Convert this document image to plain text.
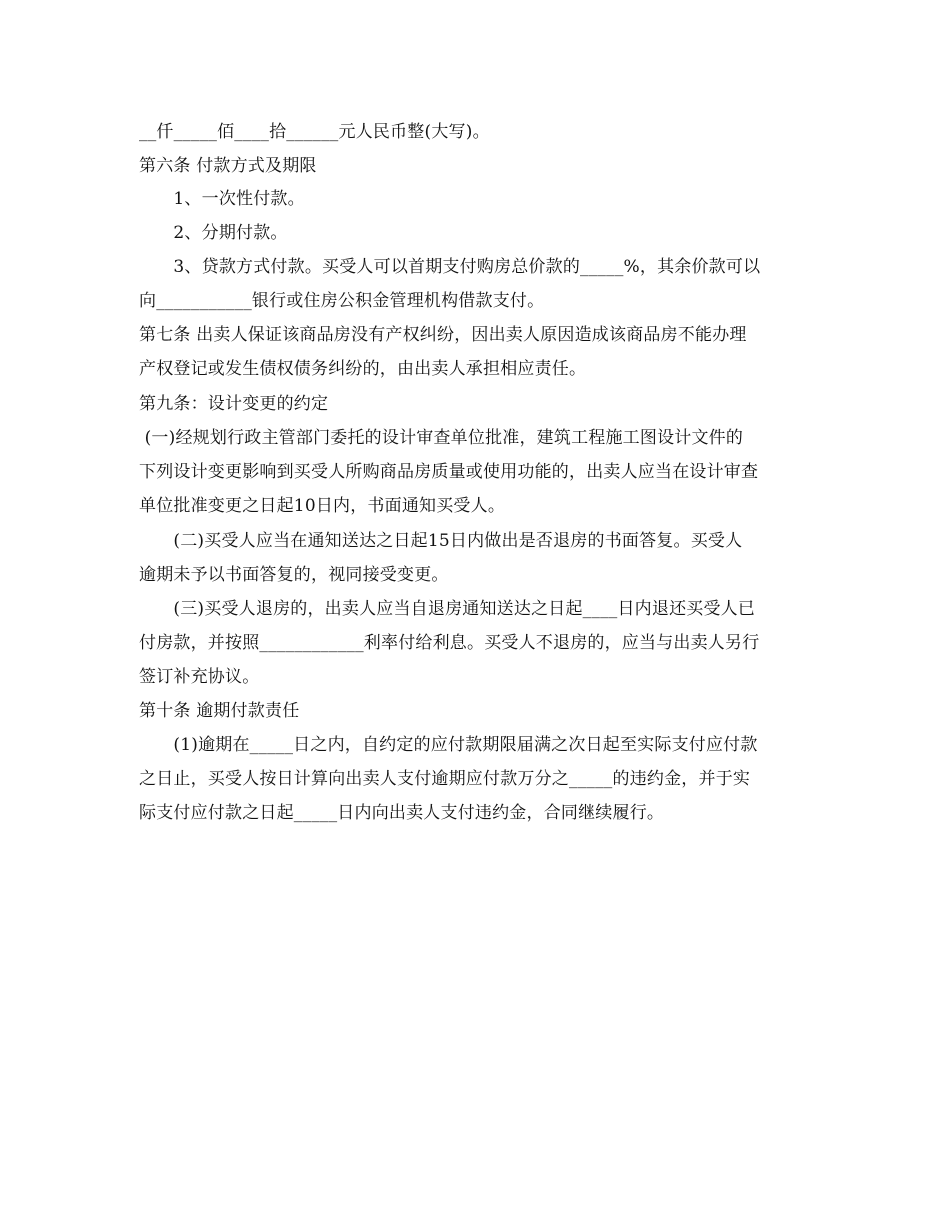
__仟_____佰____拾______元人民币整(大写)。
第六条 付款方式及期限
　　1、一次性付款。
　　2、分期付款。
　　3、贷款方式付款。买受人可以首期支付购房总价款的_____%，其余价款可以
向___________银行或住房公积金管理机构借款支付。
第七条 出卖人保证该商品房没有产权纠纷，因出卖人原因造成该商品房不能办理
产权登记或发生债权债务纠纷的，由出卖人承担相应责任。
第九条：设计变更的约定
(一)经规划行政主管部门委托的设计审查单位批准，建筑工程施工图设计文件的
下列设计变更影响到买受人所购商品房质量或使用功能的，出卖人应当在设计审查
单位批准变更之日起10日内，书面通知买受人。
　　(二)买受人应当在通知送达之日起15日内做出是否退房的书面答复。买受人
逾期未予以书面答复的，视同接受变更。
　　(三)买受人退房的，出卖人应当自退房通知送达之日起____日内退还买受人已
付房款，并按照____________利率付给利息。买受人不退房的，应当与出卖人另行
签订补充协议。
第十条 逾期付款责任
　　(1)逾期在_____日之内，自约定的应付款期限届满之次日起至实际支付应付款
之日止，买受人按日计算向出卖人支付逾期应付款万分之_____的违约金，并于实
际支付应付款之日起_____日内向出卖人支付违约金，合同继续履行。
